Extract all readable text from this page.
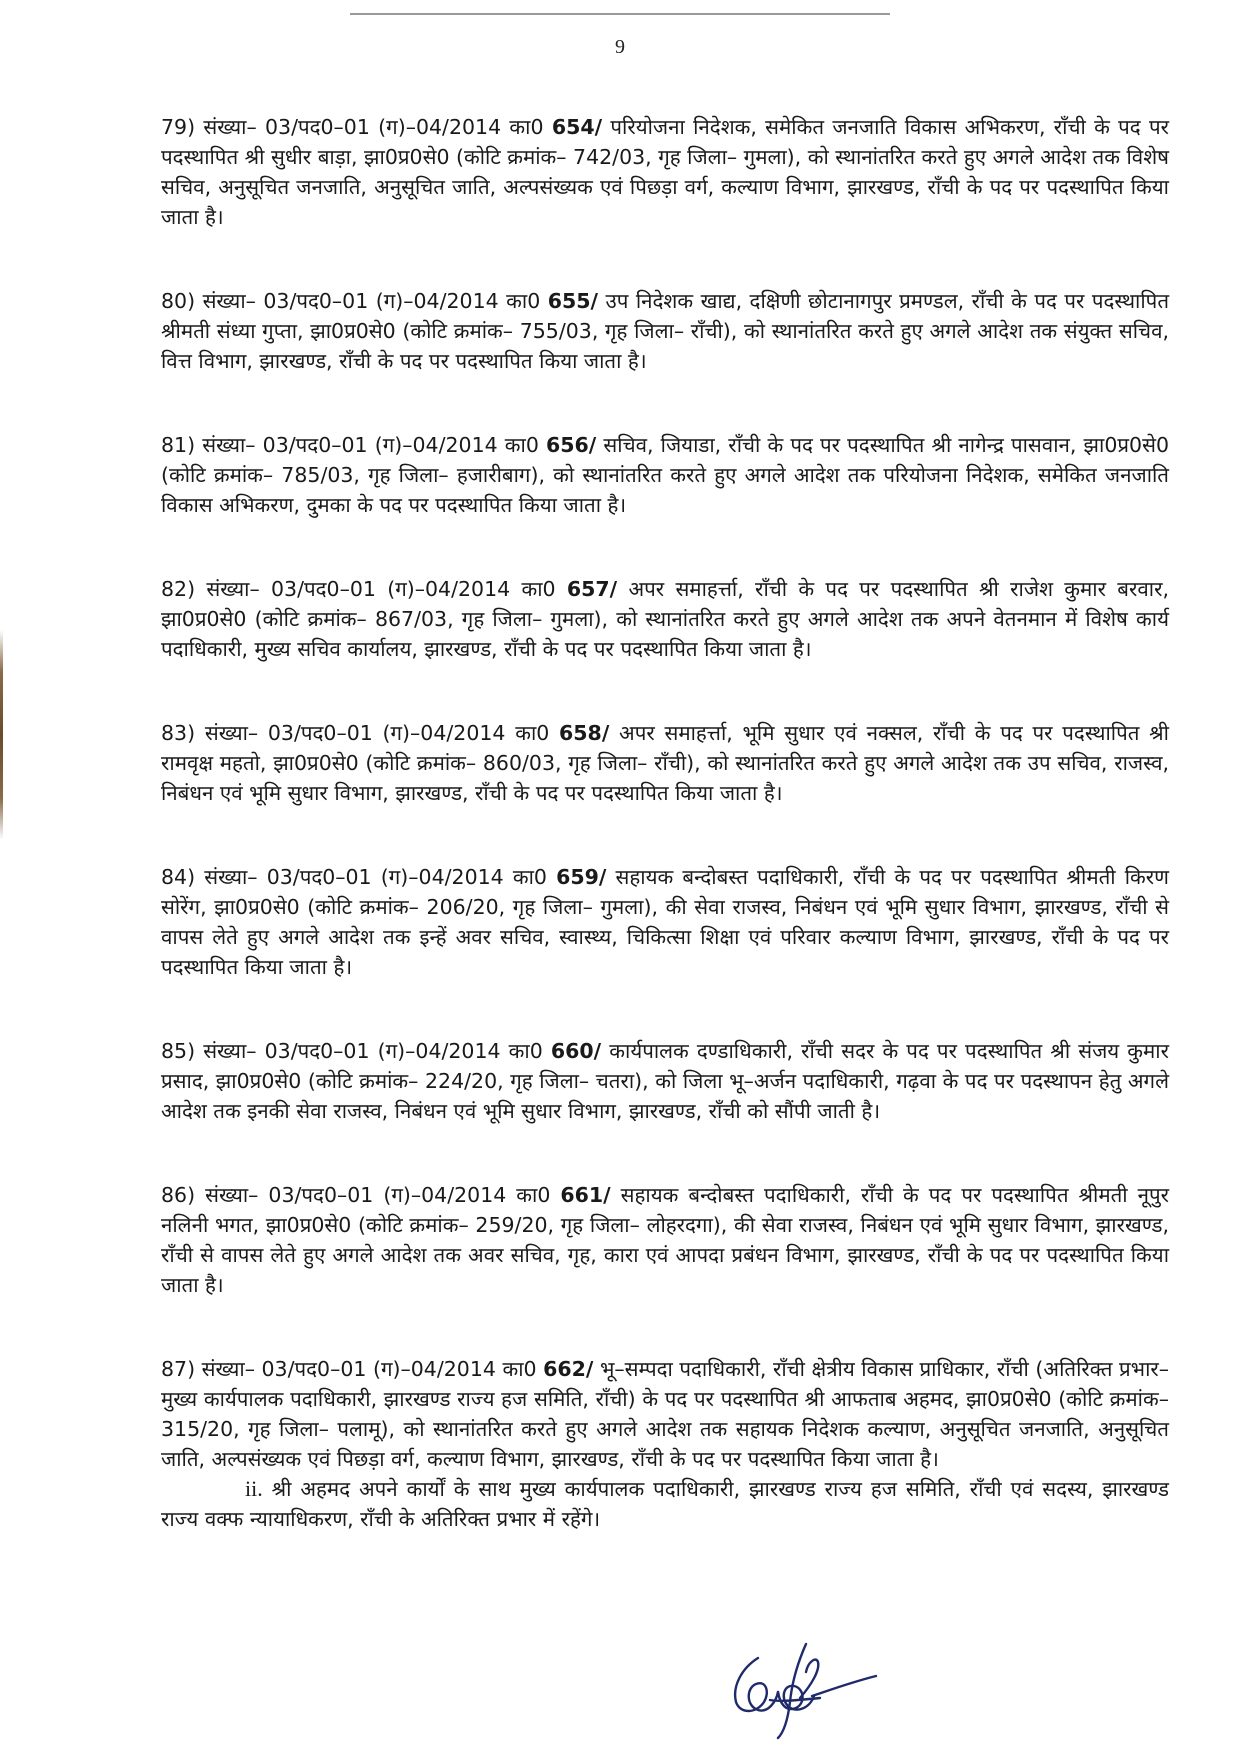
9

79) संख्या– 03/पद0–01 (ग)–04/2014 का0 654/ परियोजना निदेशक, समेकित जनजाति विकास अभिकरण, राँची के पद पर पदस्थापित श्री सुधीर बाड़ा, झा0प्र0से0 (कोटि क्रमांक– 742/03, गृह जिला– गुमला), को स्थानांतरित करते हुए अगले आदेश तक विशेष सचिव, अनुसूचित जनजाति, अनुसूचित जाति, अल्पसंख्यक एवं पिछड़ा वर्ग, कल्याण विभाग, झारखण्ड, राँची के पद पर पदस्थापित किया जाता है।

80) संख्या– 03/पद0–01 (ग)–04/2014 का0 655/ उप निदेशक खाद्य, दक्षिणी छोटानागपुर प्रमण्डल, राँची के पद पर पदस्थापित श्रीमती संध्या गुप्ता, झा0प्र0से0 (कोटि क्रमांक– 755/03, गृह जिला– राँची), को स्थानांतरित करते हुए अगले आदेश तक संयुक्त सचिव, वित्त विभाग, झारखण्ड, राँची के पद पर पदस्थापित किया जाता है।

81) संख्या– 03/पद0–01 (ग)–04/2014 का0 656/ सचिव, जियाडा, राँची के पद पर पदस्थापित श्री नागेन्द्र पासवान, झा0प्र0से0 (कोटि क्रमांक– 785/03, गृह जिला– हजारीबाग), को स्थानांतरित करते हुए अगले आदेश तक परियोजना निदेशक, समेकित जनजाति विकास अभिकरण, दुमका के पद पर पदस्थापित किया जाता है।

82) संख्या– 03/पद0–01 (ग)–04/2014 का0 657/ अपर समाहर्त्ता, राँची के पद पर पदस्थापित श्री राजेश कुमार बरवार, झा0प्र0से0 (कोटि क्रमांक– 867/03, गृह जिला– गुमला), को स्थानांतरित करते हुए अगले आदेश तक अपने वेतनमान में विशेष कार्य पदाधिकारी, मुख्य सचिव कार्यालय, झारखण्ड, राँची के पद पर पदस्थापित किया जाता है।

83) संख्या– 03/पद0–01 (ग)–04/2014 का0 658/ अपर समाहर्त्ता, भूमि सुधार एवं नक्सल, राँची के पद पर पदस्थापित श्री रामवृक्ष महतो, झा0प्र0से0 (कोटि क्रमांक– 860/03, गृह जिला– राँची), को स्थानांतरित करते हुए अगले आदेश तक उप सचिव, राजस्व, निबंधन एवं भूमि सुधार विभाग, झारखण्ड, राँची के पद पर पदस्थापित किया जाता है।

84) संख्या– 03/पद0–01 (ग)–04/2014 का0 659/ सहायक बन्दोबस्त पदाधिकारी, राँची के पद पर पदस्थापित श्रीमती किरण सोरेंग, झा0प्र0से0 (कोटि क्रमांक– 206/20, गृह जिला– गुमला), की सेवा राजस्व, निबंधन एवं भूमि सुधार विभाग, झारखण्ड, राँची से वापस लेते हुए अगले आदेश तक इन्हें अवर सचिव, स्वास्थ्य, चिकित्सा शिक्षा एवं परिवार कल्याण विभाग, झारखण्ड, राँची के पद पर पदस्थापित किया जाता है।

85) संख्या– 03/पद0–01 (ग)–04/2014 का0 660/ कार्यपालक दण्डाधिकारी, राँची सदर के पद पर पदस्थापित श्री संजय कुमार प्रसाद, झा0प्र0से0 (कोटि क्रमांक– 224/20, गृह जिला– चतरा), को जिला भू–अर्जन पदाधिकारी, गढ़वा के पद पर पदस्थापन हेतु अगले आदेश तक इनकी सेवा राजस्व, निबंधन एवं भूमि सुधार विभाग, झारखण्ड, राँची को सौंपी जाती है।

86) संख्या– 03/पद0–01 (ग)–04/2014 का0 661/ सहायक बन्दोबस्त पदाधिकारी, राँची के पद पर पदस्थापित श्रीमती नूपुर नलिनी भगत, झा0प्र0से0 (कोटि क्रमांक– 259/20, गृह जिला– लोहरदगा), की सेवा राजस्व, निबंधन एवं भूमि सुधार विभाग, झारखण्ड, राँची से वापस लेते हुए अगले आदेश तक अवर सचिव, गृह, कारा एवं आपदा प्रबंधन विभाग, झारखण्ड, राँची के पद पर पदस्थापित किया जाता है।

87) संख्या– 03/पद0–01 (ग)–04/2014 का0 662/ भू–सम्पदा पदाधिकारी, राँची क्षेत्रीय विकास प्राधिकार, राँची (अतिरिक्त प्रभार– मुख्य कार्यपालक पदाधिकारी, झारखण्ड राज्य हज समिति, राँची) के पद पर पदस्थापित श्री आफताब अहमद, झा0प्र0से0 (कोटि क्रमांक– 315/20, गृह जिला– पलामू), को स्थानांतरित करते हुए अगले आदेश तक सहायक निदेशक कल्याण, अनुसूचित जनजाति, अनुसूचित जाति, अल्पसंख्यक एवं पिछड़ा वर्ग, कल्याण विभाग, झारखण्ड, राँची के पद पर पदस्थापित किया जाता है।

ii. श्री अहमद अपने कार्यों के साथ मुख्य कार्यपालक पदाधिकारी, झारखण्ड राज्य हज समिति, राँची एवं सदस्य, झारखण्ड राज्य वक्फ न्यायाधिकरण, राँची के अतिरिक्त प्रभार में रहेंगे।
